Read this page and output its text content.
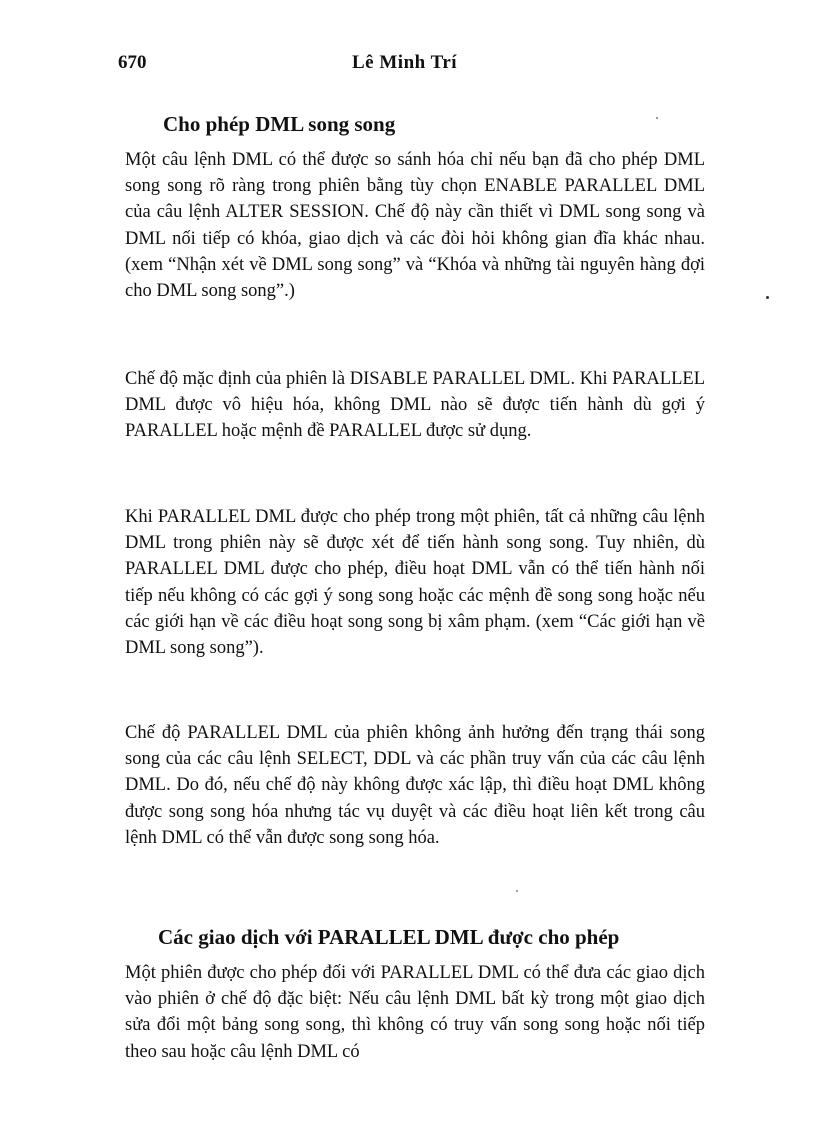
670	Lê Minh Trí
Cho phép DML song song

Một câu lệnh DML có thể được so sánh hóa chỉ nếu bạn đã cho phép DML song song rõ ràng trong phiên bằng tùy chọn ENABLE PARALLEL DML của câu lệnh ALTER SESSION. Chế độ này cần thiết vì DML song song và DML nối tiếp có khóa, giao dịch và các đòi hỏi không gian đĩa khác nhau. (xem “Nhận xét về DML song song” và “Khóa và những tài nguyên hàng đợi cho DML song song”.)

Chế độ mặc định của phiên là DISABLE PARALLEL DML. Khi PARALLEL DML được vô hiệu hóa, không DML nào sẽ được tiến hành dù gợi ý PARALLEL hoặc mệnh đề PARALLEL được sử dụng.

Khi PARALLEL DML được cho phép trong một phiên, tất cả những câu lệnh DML trong phiên này sẽ được xét để tiến hành song song. Tuy nhiên, dù PARALLEL DML được cho phép, điều hoạt DML vẫn có thể tiến hành nối tiếp nếu không có các gợi ý song song hoặc các mệnh đề song song hoặc nếu các giới hạn về các điều hoạt song song bị xâm phạm. (xem “Các giới hạn về DML song song”).

Chế độ PARALLEL DML của phiên không ảnh hưởng đến trạng thái song song của các câu lệnh SELECT, DDL và các phần truy vấn của các câu lệnh DML. Do đó, nếu chế độ này không được xác lập, thì điều hoạt DML không được song song hóa nhưng tác vụ duyệt và các điều hoạt liên kết trong câu lệnh DML có thể vẫn được song song hóa.

Các giao dịch với PARALLEL DML được cho phép

Một phiên được cho phép đối với PARALLEL DML có thể đưa các giao dịch vào phiên ở chế độ đặc biệt: Nếu câu lệnh DML bất kỳ trong một giao dịch sửa đổi một bảng song song, thì không có truy vấn song song hoặc nối tiếp theo sau hoặc câu lệnh DML có
